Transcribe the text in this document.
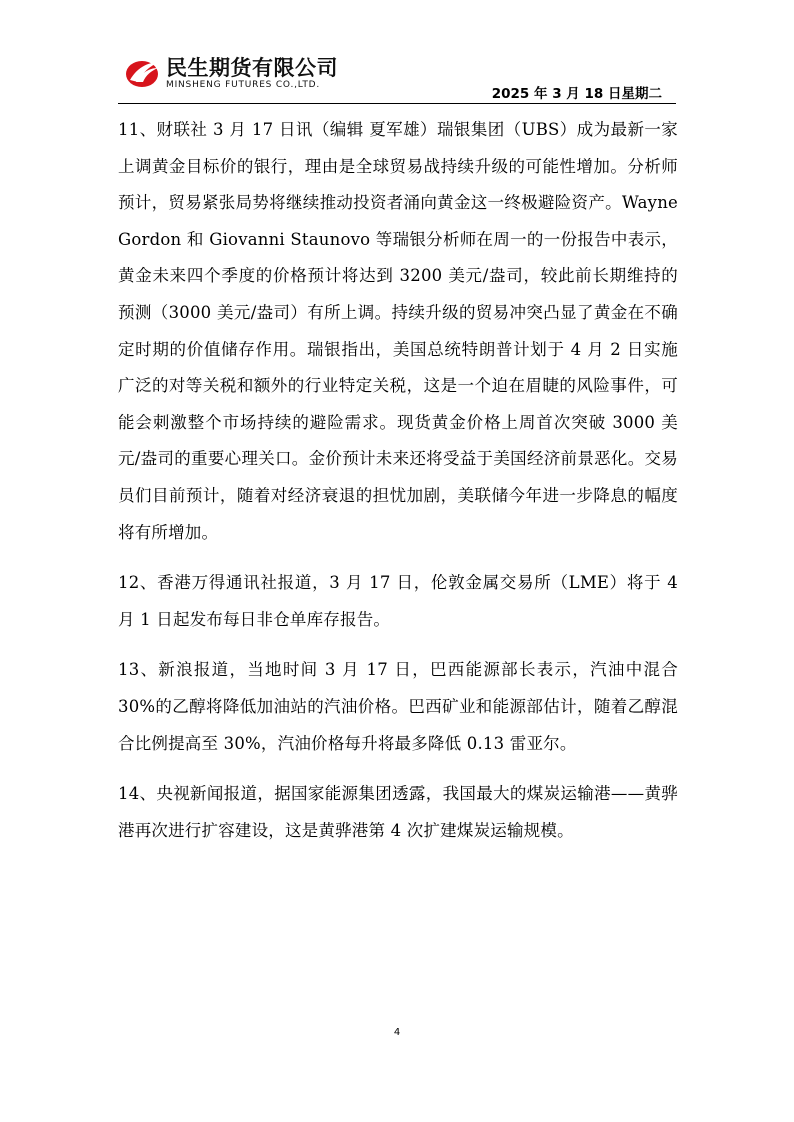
民生期货有限公司
MINSHENG FUTURES CO.,LTD.
2025 年 3 月 18 日星期二

11、财联社 3 月 17 日讯（编辑 夏军雄）瑞银集团（UBS）成为最新一家上调黄金目标价的银行，理由是全球贸易战持续升级的可能性增加。分析师预计，贸易紧张局势将继续推动投资者涌向黄金这一终极避险资产。Wayne Gordon 和 Giovanni Staunovo 等瑞银分析师在周一的一份报告中表示，黄金未来四个季度的价格预计将达到 3200 美元/盎司，较此前长期维持的预测（3000 美元/盎司）有所上调。持续升级的贸易冲突凸显了黄金在不确定时期的价值储存作用。瑞银指出，美国总统特朗普计划于 4 月 2 日实施广泛的对等关税和额外的行业特定关税，这是一个迫在眉睫的风险事件，可能会刺激整个市场持续的避险需求。现货黄金价格上周首次突破 3000 美元/盎司的重要心理关口。金价预计未来还将受益于美国经济前景恶化。交易员们目前预计，随着对经济衰退的担忧加剧，美联储今年进一步降息的幅度将有所增加。

12、香港万得通讯社报道，3 月 17 日，伦敦金属交易所（LME）将于 4 月 1 日起发布每日非仓单库存报告。

13、新浪报道，当地时间 3 月 17 日，巴西能源部长表示，汽油中混合 30%的乙醇将降低加油站的汽油价格。巴西矿业和能源部估计，随着乙醇混合比例提高至 30%，汽油价格每升将最多降低 0.13 雷亚尔。

14、央视新闻报道，据国家能源集团透露，我国最大的煤炭运输港——黄骅港再次进行扩容建设，这是黄骅港第 4 次扩建煤炭运输规模。

4
